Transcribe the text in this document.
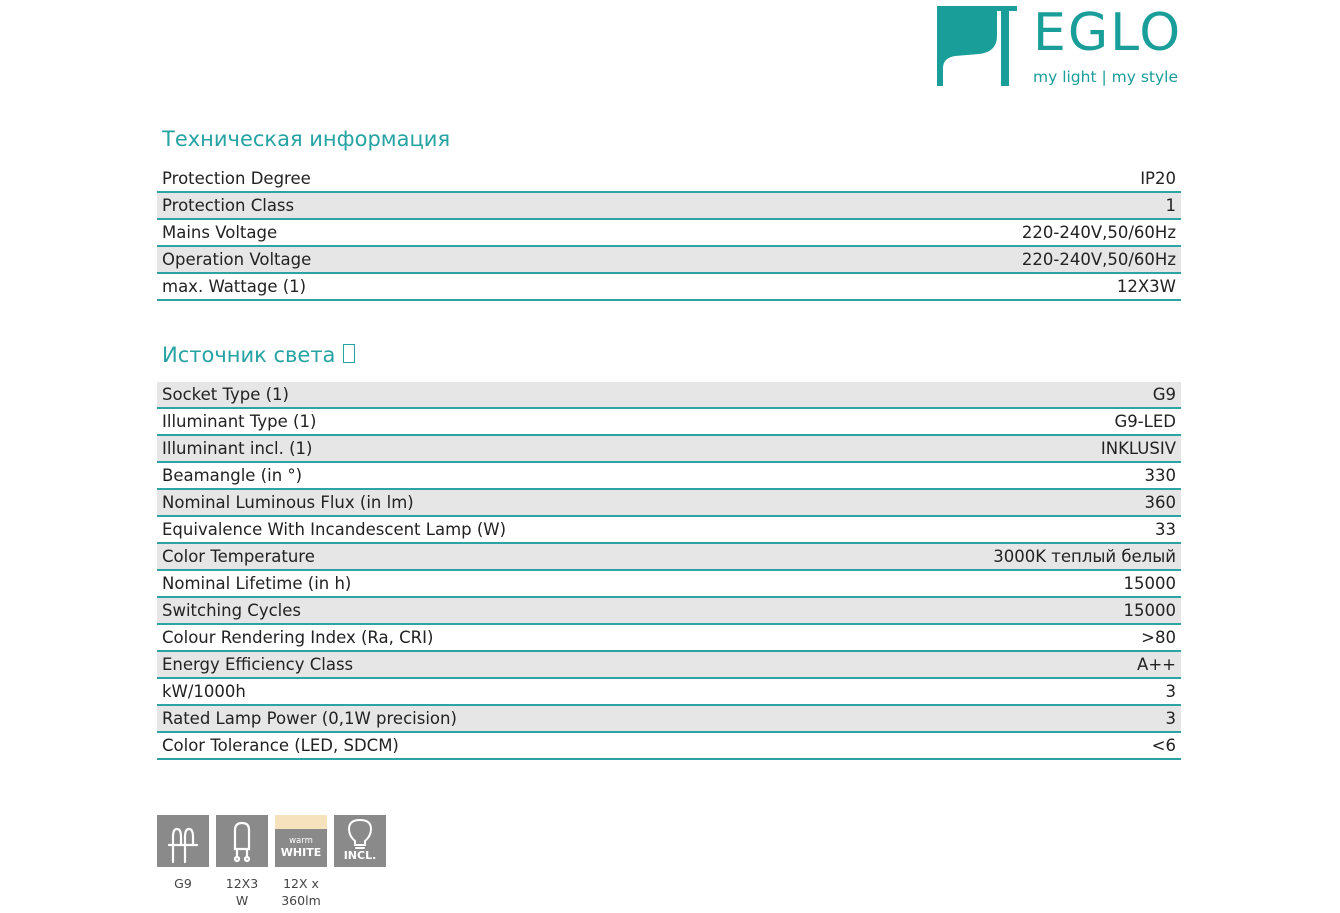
EGLO

my light | my style

Техническая информация
Protection Degree	IP20
Protection Class	1
Mains Voltage	220-240V,50/60Hz
Operation Voltage	220-240V,50/60Hz
max. Wattage (1)	12X3W
Источник света
Socket Type (1)	G9
Illuminant Type (1)	G9-LED
Illuminant incl. (1)	INKLUSIV
Beamangle (in °)	330
Nominal Luminous Flux (in lm)	360
Equivalence With Incandescent Lamp (W)	33
Color Temperature	3000K теплый белый
Nominal Lifetime (in h)	15000
Switching Cycles	15000
Colour Rendering Index (Ra, CRI)	>80
Energy Efficiency Class	A++
kW/1000h	3
Rated Lamp Power (0,1W precision)	3
Color Tolerance (LED, SDCM)	<6

G9	12X3
W

warm

WHITE

12X x
360lm

INCL.
